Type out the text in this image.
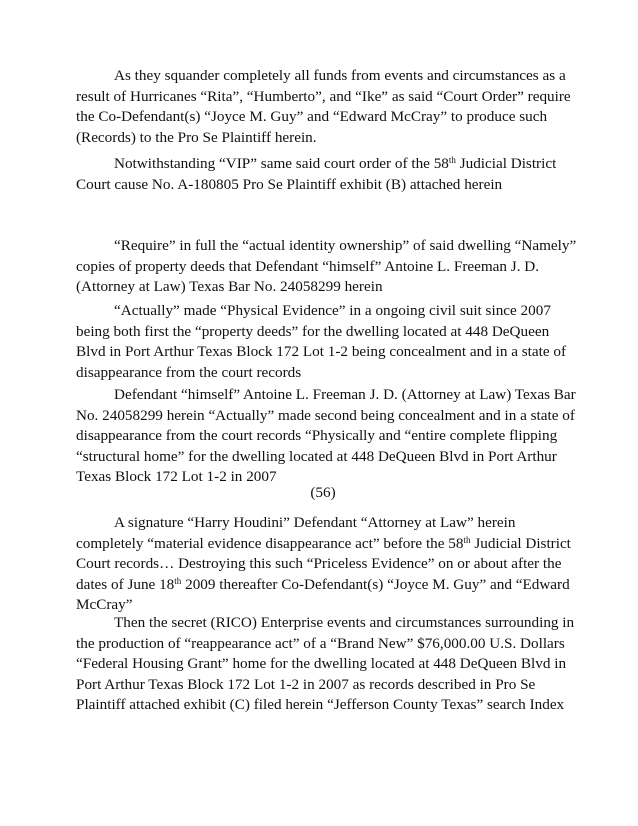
As they squander completely all funds from events and circumstances as a
result of Hurricanes “Rita”, “Humberto”, and “Ike” as said “Court Order” require
the Co-Defendant(s) “Joyce M. Guy” and “Edward McCray” to produce such
(Records) to the Pro Se Plaintiff herein.
Notwithstanding “VIP” same said court order of the 58th Judicial District
Court cause No. A-180805 Pro Se Plaintiff exhibit (B) attached herein
“Require” in full the “actual identity ownership” of said dwelling “Namely”
copies of property deeds that Defendant “himself” Antoine L. Freeman J. D.
(Attorney at Law) Texas Bar No. 24058299 herein
“Actually” made “Physical Evidence” in a ongoing civil suit since 2007
being both first the “property deeds” for the dwelling located at 448 DeQueen
Blvd in Port Arthur Texas Block 172 Lot 1-2 being concealment and in a state of
disappearance from the court records
Defendant “himself” Antoine L. Freeman J. D. (Attorney at Law) Texas Bar
No. 24058299 herein “Actually” made second being concealment and in a state of
disappearance from the court records “Physically and “entire complete flipping
“structural home” for the dwelling located at 448 DeQueen Blvd in Port Arthur
Texas Block 172 Lot 1-2 in 2007
(56)
A signature “Harry Houdini” Defendant “Attorney at Law” herein
completely “material evidence disappearance act” before the 58th Judicial District
Court records… Destroying this such “Priceless Evidence” on or about after the
dates of June 18th 2009 thereafter Co-Defendant(s) “Joyce M. Guy” and “Edward
McCray”
Then the secret (RICO) Enterprise events and circumstances surrounding in
the production of “reappearance act” of a “Brand New” $76,000.00 U.S. Dollars
“Federal Housing Grant” home for the dwelling located at 448 DeQueen Blvd in
Port Arthur Texas Block 172 Lot 1-2 in 2007 as records described in Pro Se
Plaintiff attached exhibit (C) filed herein “Jefferson County Texas” search Index
